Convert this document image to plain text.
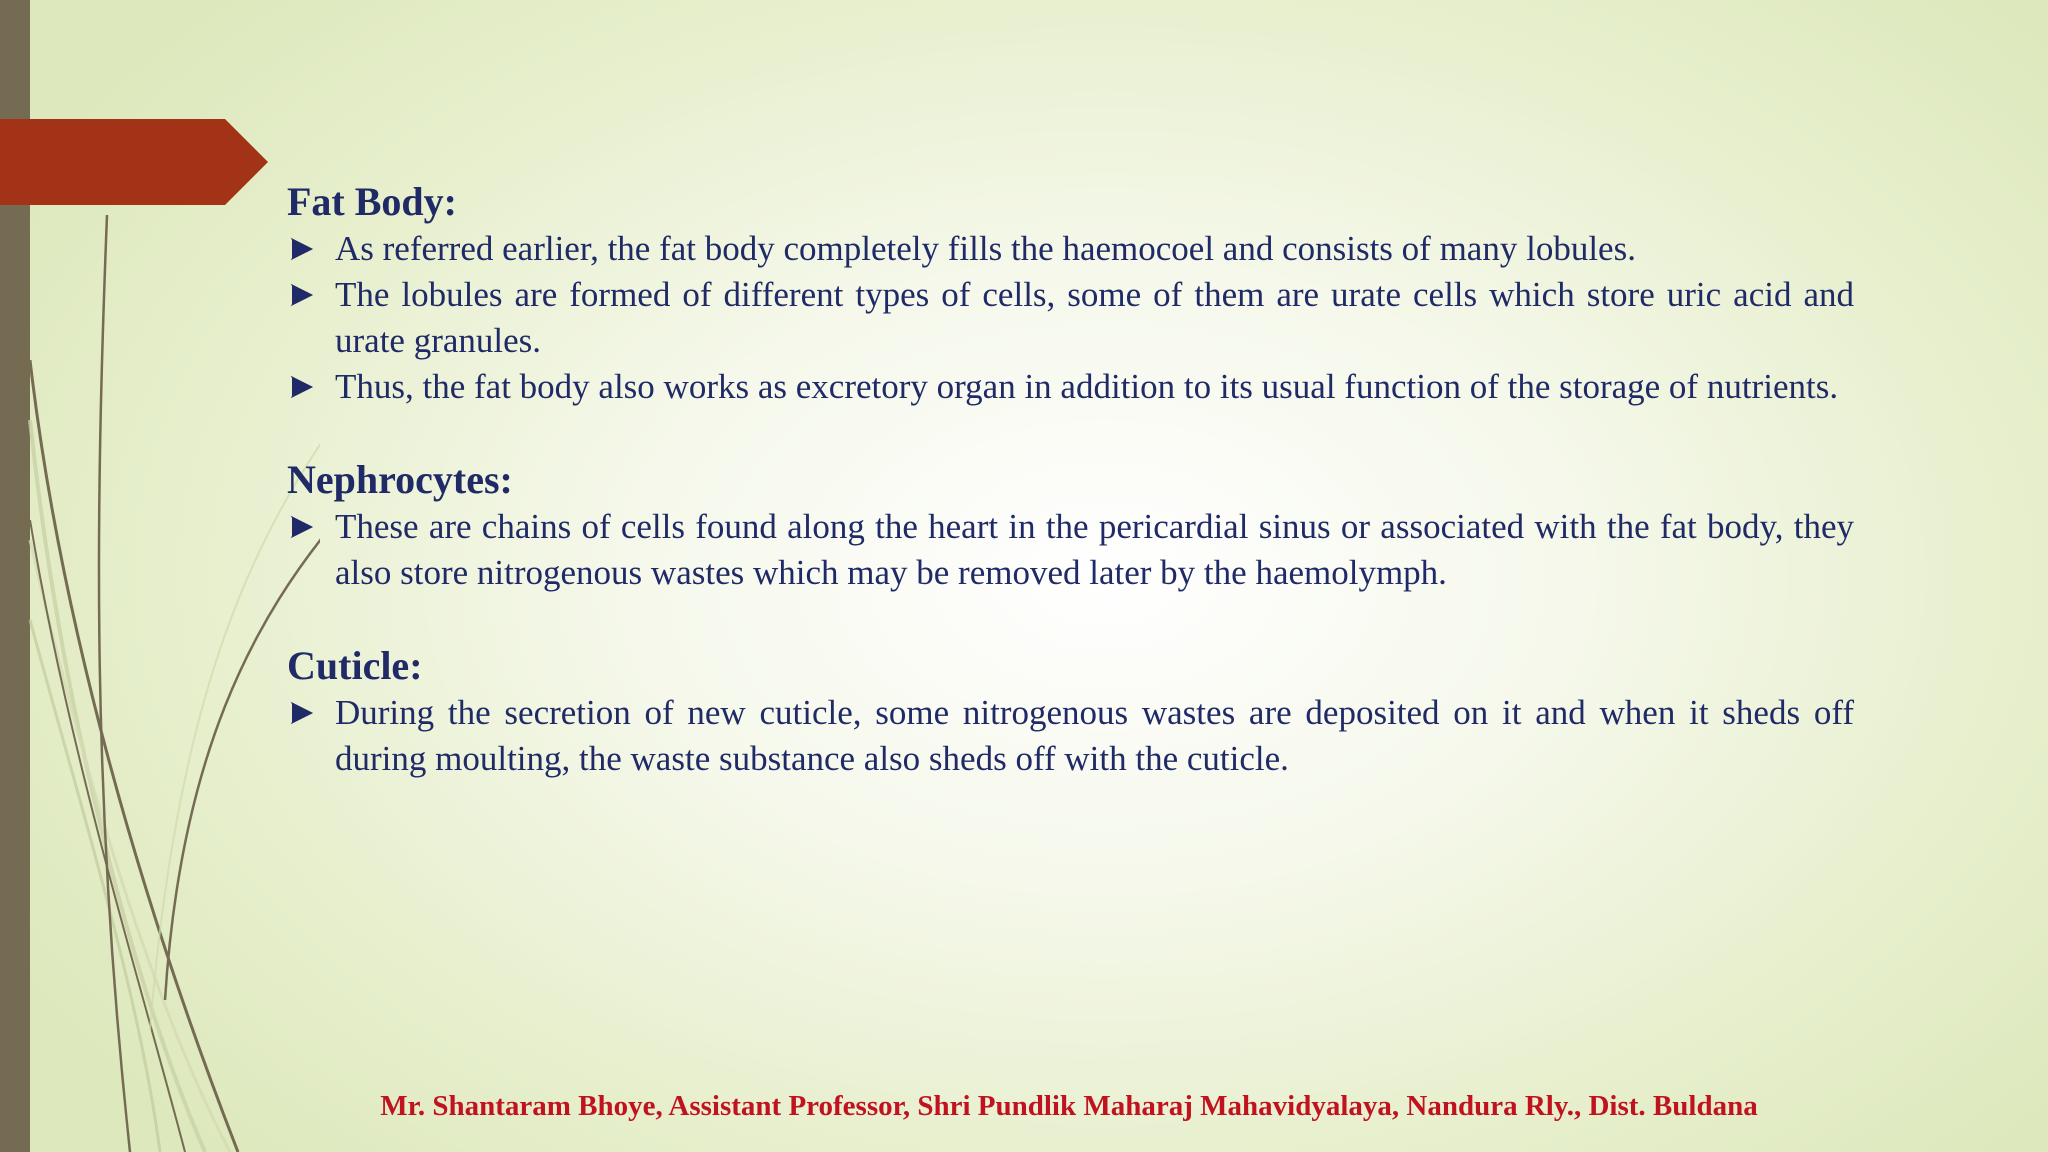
Fat Body:
As referred earlier, the fat body completely fills the haemocoel and consists of many lobules.
The lobules are formed of different types of cells, some of them are urate cells which store uric acid and urate granules.
Thus, the fat body also works as excretory organ in addition to its usual function of the storage of nutrients.
Nephrocytes:
These are chains of cells found along the heart in the pericardial sinus or associated with the fat body, they also store nitrogenous wastes which may be removed later by the haemolymph.
Cuticle:
During the secretion of new cuticle, some nitrogenous wastes are deposited on it and when it sheds off during moulting, the waste substance also sheds off with the cuticle.
Mr. Shantaram Bhoye, Assistant Professor, Shri Pundlik Maharaj Mahavidyalaya, Nandura Rly., Dist. Buldana
